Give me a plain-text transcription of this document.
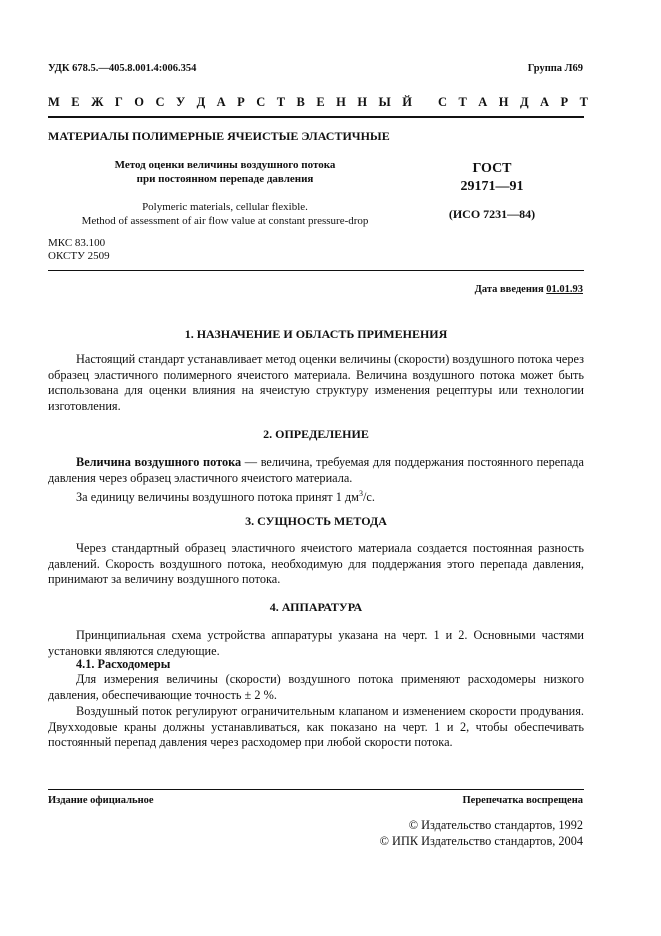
УДК 678.5.—405.8.001.4:006.354	Группа Л69
М Е Ж Г О С У Д А Р С Т В Е Н Н Ы Й
С Т А Н Д А Р Т
МАТЕРИАЛЫ ПОЛИМЕРНЫЕ ЯЧЕИСТЫЕ ЭЛАСТИЧНЫЕ
Метод оценки величины воздушного потока
при постоянном перепаде давления
Polymeric materials, cellular flexible.
Method of assessment of air flow value at constant pressure-drop
ГОСТ
29171—91
(ИСО 7231—84)
МКС 83.100
ОКСТУ 2509
Дата введения 01.01.93
1. НАЗНАЧЕНИЕ И ОБЛАСТЬ ПРИМЕНЕНИЯ
Настоящий стандарт устанавливает метод оценки величины (скорости) воздушного потока через образец эластичного полимерного ячеистого материала. Величина воздушного потока может быть использована для оценки влияния на ячеистую структуру изменения рецептуры или технологии изготовления.
2. ОПРЕДЕЛЕНИЕ
Величина воздушного потока — величина, требуемая для поддержания постоянного перепада давления через образец эластичного ячеистого материала.
За единицу величины воздушного потока принят 1 $дм^3/с$.
3. СУЩНОСТЬ МЕТОДА
Через стандартный образец эластичного ячеистого материала создается постоянная разность давлений. Скорость воздушного потока, необходимую для поддержания этого перепада давления, принимают за величину воздушного потока.
4. АППАРАТУРА
Принципиальная схема устройства аппаратуры указана на черт. 1 и 2. Основными частями установки являются следующие.
4.1. Расходомеры
Для измерения величины (скорости) воздушного потока применяют расходомеры низкого давления, обеспечивающие точность ± 2 %.
Воздушный поток регулируют ограничительным клапаном и изменением скорости продувания. Двухходовые краны должны устанавливаться, как показано на черт. 1 и 2, чтобы обеспечивать постоянный перепад давления через расходомер при любой скорости потока.
Издание официальное	Перепечатка воспрещена
© Издательство стандартов, 1992
© ИПК Издательство стандартов, 2004
